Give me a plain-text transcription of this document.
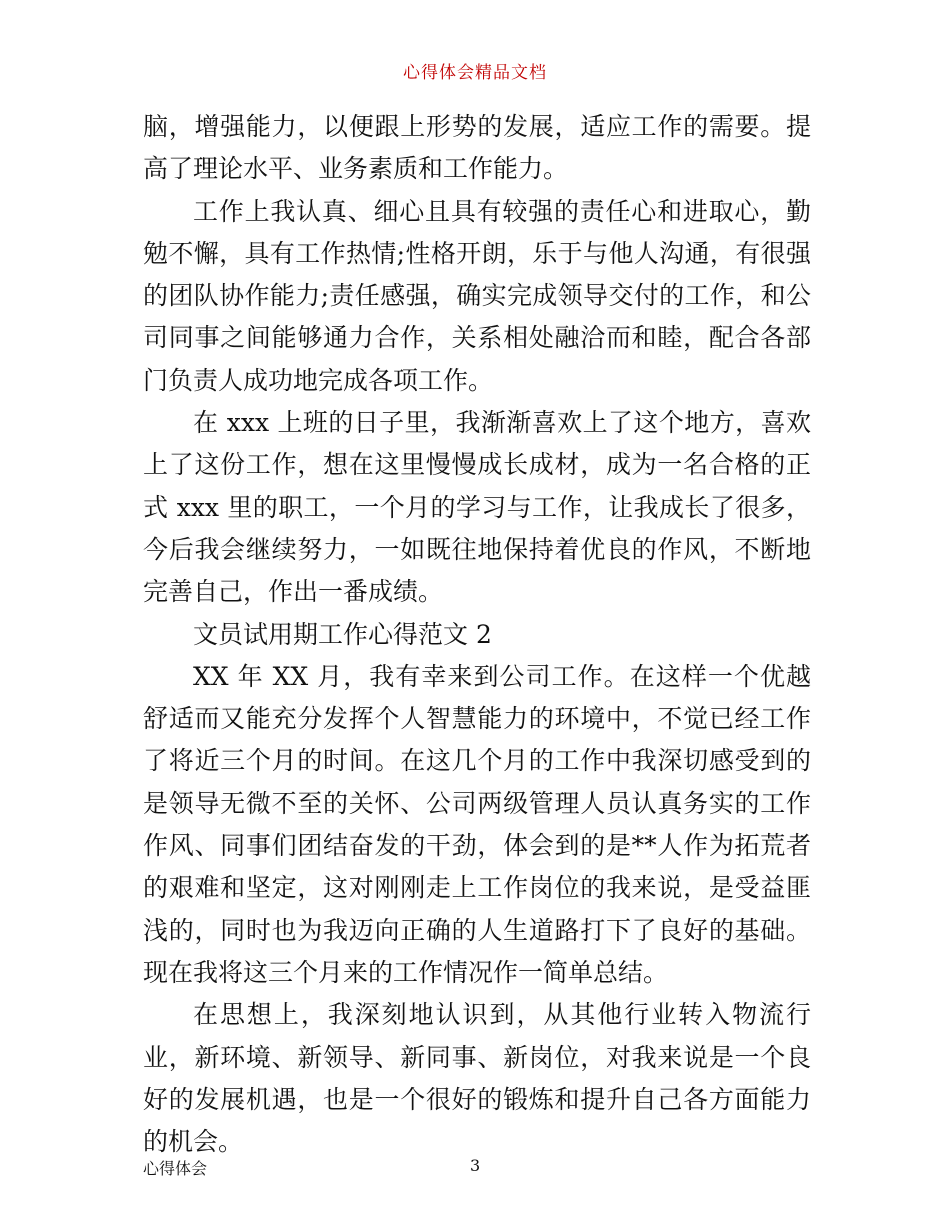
心得体会精品文档

脑，增强能力，以便跟上形势的发展，适应工作的需要。提高了理论水平、业务素质和工作能力。

工作上我认真、细心且具有较强的责任心和进取心，勤勉不懈，具有工作热情;性格开朗，乐于与他人沟通，有很强的团队协作能力;责任感强，确实完成领导交付的工作，和公司同事之间能够通力合作，关系相处融洽而和睦，配合各部门负责人成功地完成各项工作。

在 xxx 上班的日子里，我渐渐喜欢上了这个地方，喜欢上了这份工作，想在这里慢慢成长成材，成为一名合格的正式 xxx 里的职工，一个月的学习与工作，让我成长了很多，今后我会继续努力，一如既往地保持着优良的作风，不断地完善自己，作出一番成绩。

文员试用期工作心得范文 2

XX 年 XX 月，我有幸来到公司工作。在这样一个优越舒适而又能充分发挥个人智慧能力的环境中，不觉已经工作了将近三个月的时间。在这几个月的工作中我深切感受到的是领导无微不至的关怀、公司两级管理人员认真务实的工作作风、同事们团结奋发的干劲，体会到的是**人作为拓荒者的艰难和坚定，这对刚刚走上工作岗位的我来说，是受益匪浅的，同时也为我迈向正确的人生道路打下了良好的基础。现在我将这三个月来的工作情况作一简单总结。

在思想上，我深刻地认识到，从其他行业转入物流行业，新环境、新领导、新同事、新岗位，对我来说是一个良好的发展机遇，也是一个很好的锻炼和提升自己各方面能力的机会。

心得体会	3
